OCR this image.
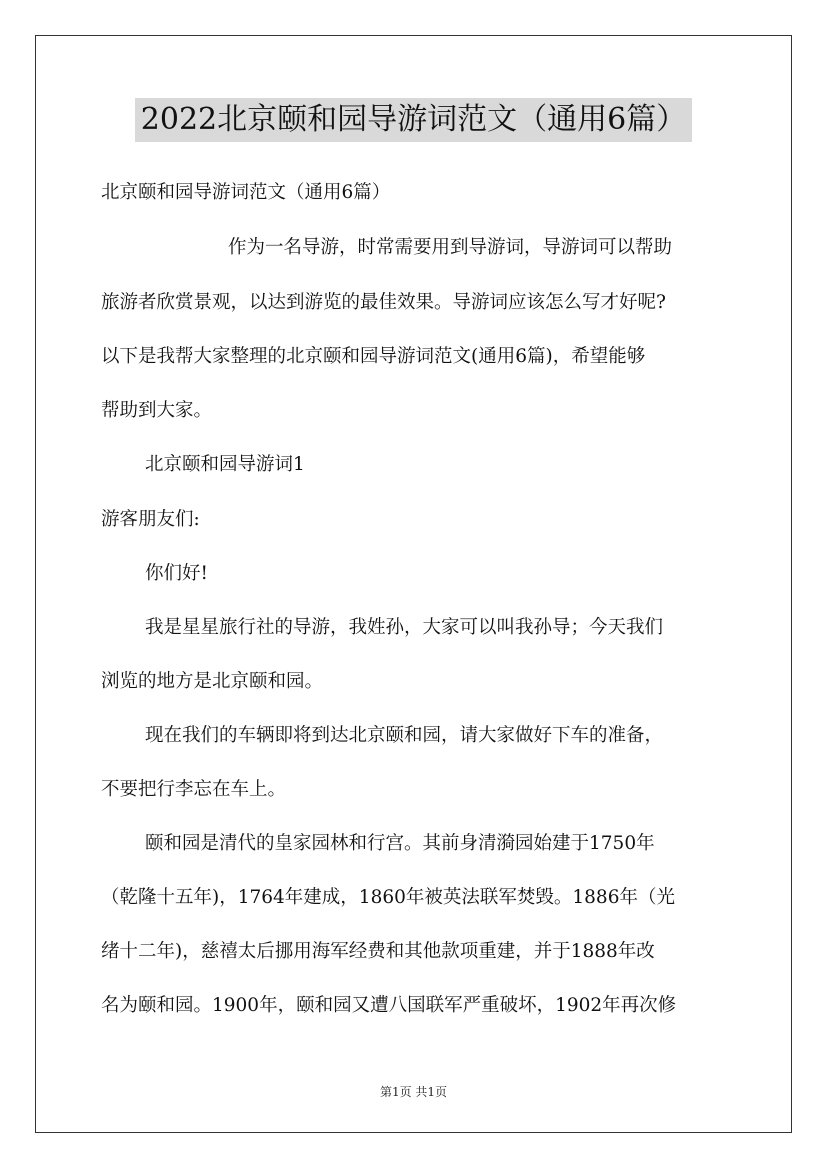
2022北京颐和园导游词范文（通用6篇）
北京颐和园导游词范文（通用6篇）
作为一名导游，时常需要用到导游词，导游词可以帮助
旅游者欣赏景观，以达到游览的最佳效果。导游词应该怎么写才好呢?
以下是我帮大家整理的北京颐和园导游词范文(通用6篇)，希望能够
帮助到大家。
北京颐和园导游词1
游客朋友们:
你们好!
我是星星旅行社的导游，我姓孙，大家可以叫我孙导；今天我们
浏览的地方是北京颐和园。
现在我们的车辆即将到达北京颐和园，请大家做好下车的准备，
不要把行李忘在车上。
颐和园是清代的皇家园林和行宫。其前身清漪园始建于1750年
（乾隆十五年)，1764年建成，1860年被英法联军焚毁。1886年（光
绪十二年)，慈禧太后挪用海军经费和其他款项重建，并于1888年改
名为颐和园。1900年，颐和园又遭八国联军严重破坏，1902年再次修
第1页 共1页
